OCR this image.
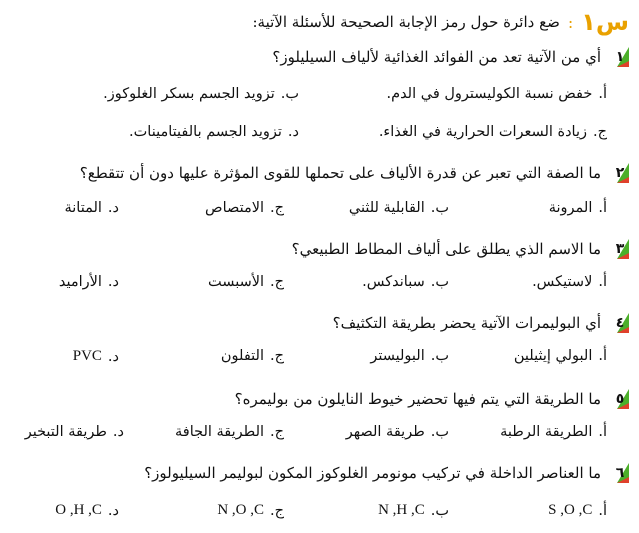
س١
:
ضع دائرة حول رمز الإجابة الصحيحة للأسئلة الآتية:
١
أي من الآتية تعد من الفوائد الغذائية لألياف السيليلوز؟
أ.
خفض نسبة الكوليسترول في الدم.
ب.
تزويد الجسم بسكر الغلوكوز.
ج.
زيادة السعرات الحرارية في الغذاء.
د.
تزويد الجسم بالفيتامينات.
٢
ما الصفة التي تعبر عن قدرة الألياف على تحملها للقوى المؤثرة عليها دون أن تتقطع؟
أ.
المرونة
ب.
القابلية للثني
ج.
الامتصاص
د.
المتانة
٣
ما الاسم الذي يطلق على ألياف المطاط الطبيعي؟
أ.
لاستيكس.
ب.
سباندكس.
ج.
الأسبست
د.
الأراميد
٤
أي البوليمرات الآتية يحضر بطريقة التكثيف؟
أ.
البولي إيثيلين
ب.
البوليستر
ج.
التفلون
د.
PVC
٥
ما الطريقة التي يتم فيها تحضير خيوط النايلون من بوليمره؟
أ.
الطريقة الرطبة
ب.
طريقة الصهر
ج.
الطريقة الجافة
د.
طريقة التبخير
٦
ما العناصر الداخلة في تركيب مونومر الغلوكوز المكون لبوليمر السيليولوز؟
أ.
S ,O ,C
ب.
N ,H ,C
ج.
N ,O ,C
د.
O ,H ,C
